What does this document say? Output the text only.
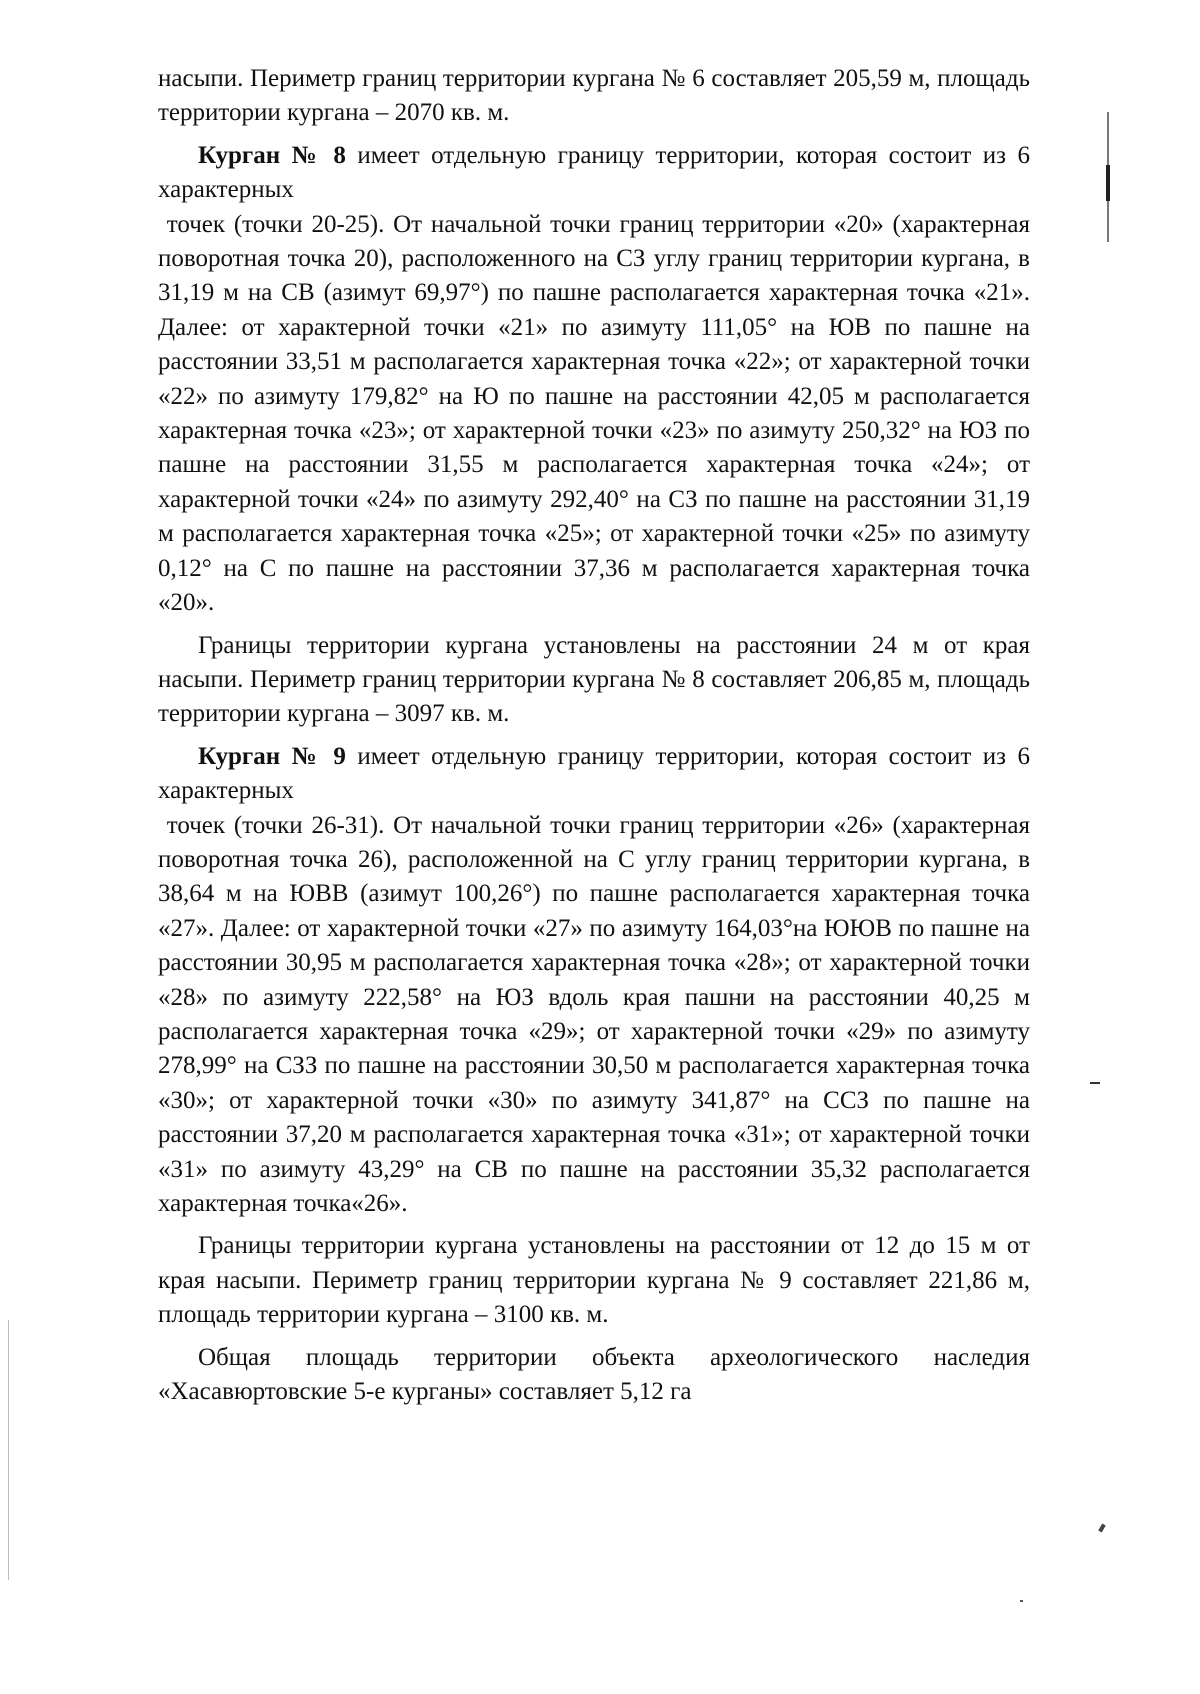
насыпи. Периметр границ территории кургана № 6 составляет 205,59 м, площадь территории кургана – 2070 кв. м.

Курган № 8 имеет отдельную границу территории, которая состоит из 6 характерных

точек (точки 20-25). От начальной точки границ территории «20» (характерная поворотная точка 20), расположенного на СЗ углу границ территории кургана, в 31,19 м на СВ (азимут 69,97°) по пашне располагается характерная точка «21». Далее: от характерной точки «21» по азимуту 111,05° на ЮВ по пашне на расстоянии 33,51 м располагается характерная точка «22»; от характерной точки «22» по азимуту 179,82° на Ю по пашне на расстоянии 42,05 м располагается характерная точка «23»; от характерной точки «23» по азимуту 250,32° на ЮЗ по пашне на расстоянии 31,55 м располагается характерная точка «24»; от характерной точки «24» по азимуту 292,40° на СЗ по пашне на расстоянии 31,19 м располагается характерная точка «25»; от характерной точки «25» по азимуту 0,12° на С по пашне на расстоянии 37,36 м располагается характерная точка «20».

Границы территории кургана установлены на расстоянии 24 м от края насыпи. Периметр границ территории кургана № 8 составляет 206,85 м, площадь территории кургана – 3097 кв. м.

Курган № 9 имеет отдельную границу территории, которая состоит из 6 характерных

точек (точки 26-31). От начальной точки границ территории «26» (характерная поворотная точка 26), расположенной на С углу границ территории кургана, в 38,64 м на ЮВВ (азимут 100,26°) по пашне располагается характерная точка «27». Далее: от характерной точки «27» по азимуту 164,03°на ЮЮВ по пашне на расстоянии 30,95 м располагается характерная точка «28»; от характерной точки «28» по азимуту 222,58° на ЮЗ вдоль края пашни на расстоянии 40,25 м располагается характерная точка «29»; от характерной точки «29» по азимуту 278,99° на СЗЗ по пашне на расстоянии 30,50 м располагается характерная точка «30»; от характерной точки «30» по азимуту 341,87° на ССЗ по пашне на расстоянии 37,20 м располагается характерная точка «31»; от характерной точки «31» по азимуту 43,29° на СВ по пашне на расстоянии 35,32 располагается характерная точка«26».

Границы территории кургана установлены на расстоянии от 12 до 15 м от края насыпи. Периметр границ территории кургана № 9 составляет 221,86 м, площадь территории кургана – 3100 кв. м.

Общая площадь территории объекта археологического наследия «Хасавюртовские 5-е курганы» составляет 5,12 га
